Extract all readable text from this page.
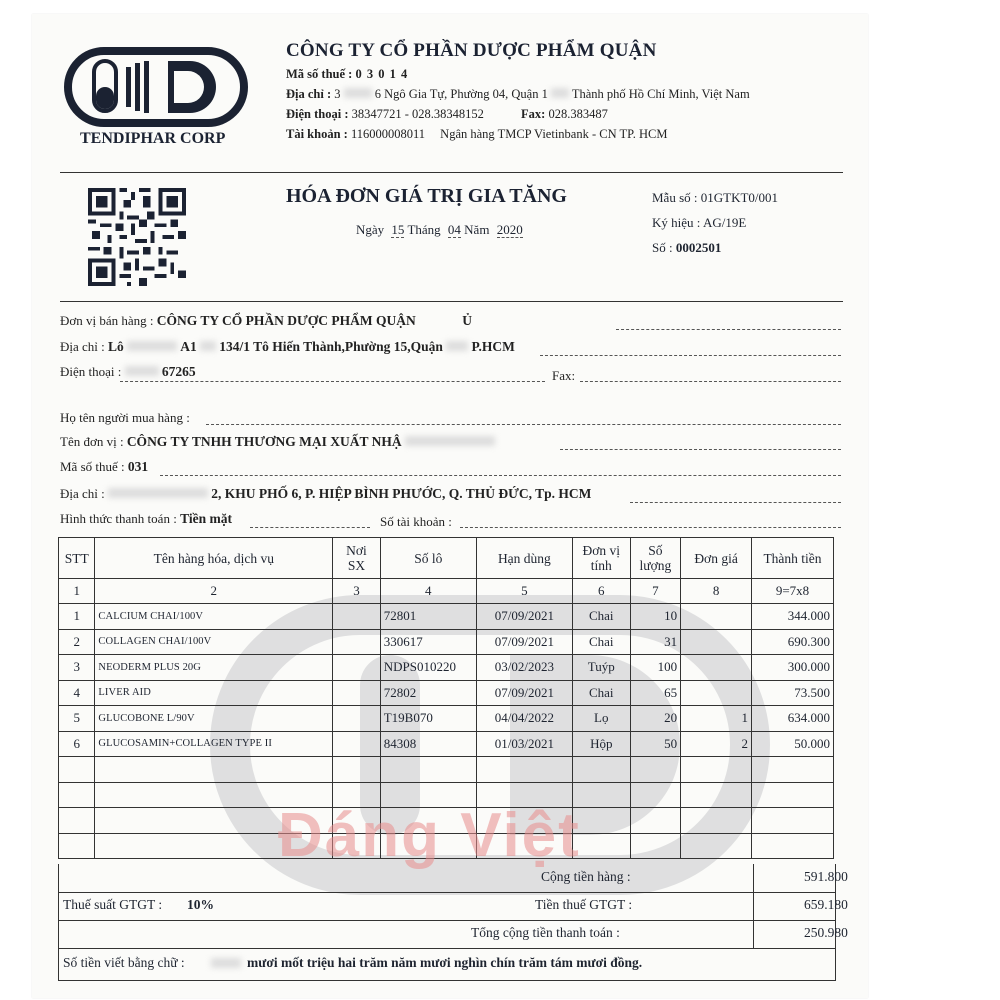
TENDIPHAR CORP
CÔNG TY CỔ PHẦN DƯỢC PHẨM QUẬN
Mã số thuế : 0 3 0 1 4
Địa chỉ : 3	6 Ngô Gia Tự, Phường 04, Quận 1 Thành phố Hồ Chí Minh, Việt Nam
Điện thoại : 38347721 - 028.38348152	Fax: 028.383487
Tài khoản : 116000008011 Ngân hàng TMCP Vietinbank - CN TP. HCM
HÓA ĐƠN GIÁ TRỊ GIA TĂNG
Ngày 15 Tháng 04 Năm 2020
Mẫu số : 01GTKT0/001
Ký hiệu : AG/19E
Số : 0002501
Đơn vị bán hàng : CÔNG TY CỔ PHẦN DƯỢC PHẨM QUẬN	Ủ
Địa chỉ : Lô	A1 134/1 Tô Hiến Thành,Phường 15,Quận P.HCM
Điện thoại :	67265	Fax:
Họ tên người mua hàng :
Tên đơn vị : CÔNG TY TNHH THƯƠNG MẠI XUẤT NHẬ
Mã số thuế : 031
Địa chỉ :	2, KHU PHỐ 6, P. HIỆP BÌNH PHƯỚC, Q. THỦ ĐỨC, Tp. HCM
Hình thức thanh toán : Tiền mặt	Số tài khoản :
STT	Tên hàng hóa, dịch vụ	Nơi SX	Số lô	Hạn dùng	Đơn vị tính	Số lượng	Đơn giá	Thành tiền
1	2	3	4	5	6	7	8	9=7x8
1	CALCIUM CHAI/100V		72801	07/09/2021	Chai	10		344.000
2	COLLAGEN CHAI/100V		330617	07/09/2021	Chai	31		690.300
3	NEODERM PLUS 20G		NDPS010220	03/02/2023	Tuýp	100		300.000
4	LIVER AID		72802	07/09/2021	Chai	65		73.500
5	GLUCOBONE L/90V		T19B070	04/04/2022	Lọ	20	1	634.000
6	GLUCOSAMIN+COLLAGEN TYPE II		84308	01/03/2021	Hộp	50	2	50.000

Cộng tiền hàng :	591.800
Thuế suất GTGT : 10%	Tiền thuế GTGT :	659.180
Tổng cộng tiền thanh toán :	250.980
Số tiền viết bằng chữ :	mươi mốt triệu hai trăm năm mươi nghìn chín trăm tám mươi đồng.
Đáng Việt
